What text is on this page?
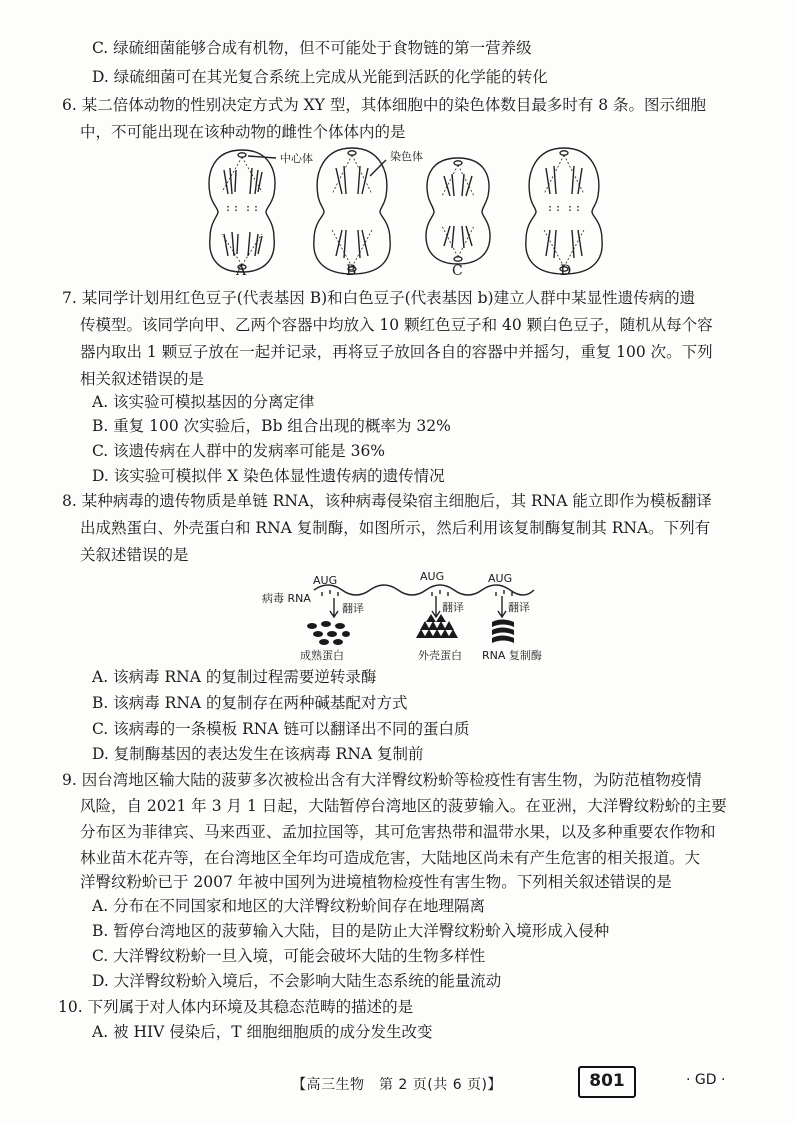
C. 绿硫细菌能够合成有机物，但不可能处于食物链的第一营养级
D. 绿硫细菌可在其光复合系统上完成从光能到活跃的化学能的转化
6. 某二倍体动物的性别决定方式为 XY 型，其体细胞中的染色体数目最多时有 8 条。图示细胞
中，不可能出现在该种动物的雌性个体体内的是
中心体	染色体
A	B	C	D
7. 某同学计划用红色豆子(代表基因 B)和白色豆子(代表基因 b)建立人群中某显性遗传病的遗
传模型。该同学向甲、乙两个容器中均放入 10 颗红色豆子和 40 颗白色豆子，随机从每个容
器内取出 1 颗豆子放在一起并记录，再将豆子放回各自的容器中并摇匀，重复 100 次。下列
相关叙述错误的是
A. 该实验可模拟基因的分离定律
B. 重复 100 次实验后，Bb 组合出现的概率为 32%
C. 该遗传病在人群中的发病率可能是 36%
D. 该实验可模拟伴 X 染色体显性遗传病的遗传情况
8. 某种病毒的遗传物质是单链 RNA，该种病毒侵染宿主细胞后，其 RNA 能立即作为模板翻译
出成熟蛋白、外壳蛋白和 RNA 复制酶，如图所示，然后利用该复制酶复制其 RNA。下列有
关叙述错误的是
AUG	AUG	AUG
病毒 RNA
翻译	翻译	翻译
成熟蛋白	外壳蛋白 RNA 复制酶
A. 该病毒 RNA 的复制过程需要逆转录酶
B. 该病毒 RNA 的复制存在两种碱基配对方式
C. 该病毒的一条模板 RNA 链可以翻译出不同的蛋白质
D. 复制酶基因的表达发生在该病毒 RNA 复制前
9. 因台湾地区输大陆的菠萝多次被检出含有大洋臀纹粉蚧等检疫性有害生物，为防范植物疫情
风险，自 2021 年 3 月 1 日起，大陆暂停台湾地区的菠萝输入。在亚洲，大洋臀纹粉蚧的主要
分布区为菲律宾、马来西亚、孟加拉国等，其可危害热带和温带水果，以及多种重要农作物和
林业苗木花卉等，在台湾地区全年均可造成危害，大陆地区尚未有产生危害的相关报道。大
洋臀纹粉蚧已于 2007 年被中国列为进境植物检疫性有害生物。下列相关叙述错误的是
A. 分布在不同国家和地区的大洋臀纹粉蚧间存在地理隔离
B. 暂停台湾地区的菠萝输入大陆，目的是防止大洋臀纹粉蚧入境形成入侵种
C. 大洋臀纹粉蚧一旦入境，可能会破坏大陆的生物多样性
D. 大洋臀纹粉蚧入境后，不会影响大陆生态系统的能量流动
10. 下列属于对人体内环境及其稳态范畴的描述的是
A. 被 HIV 侵染后，T 细胞细胞质的成分发生改变
【高三生物　第 2 页(共 6 页)】	801	· GD ·
